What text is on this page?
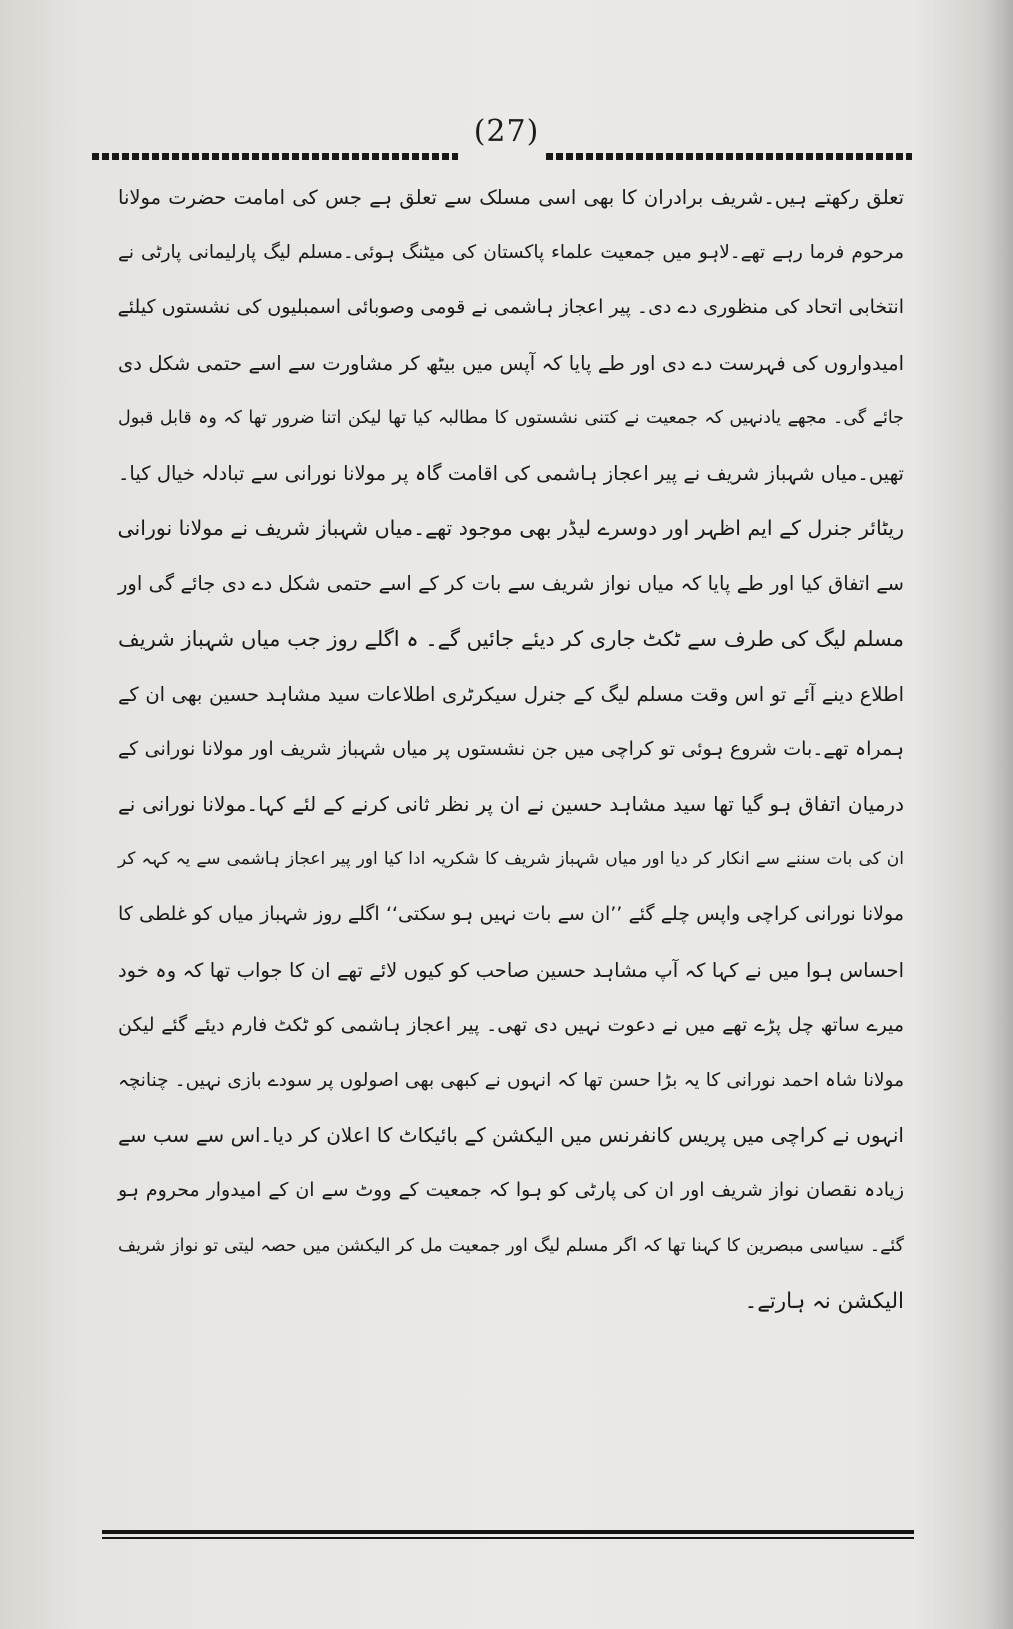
(27)
تعلق رکھتے ہیں۔شریف برادران کا بھی اسی مسلک سے تعلق ہے جس کی امامت حضرت مولانا
مرحوم فرما رہے تھے۔لاہو میں جمعیت علماء پاکستان کی میٹنگ ہوئی۔مسلم لیگ پارلیمانی پارٹی نے
انتخابی اتحاد کی منظوری دے دی۔ پیر اعجاز ہاشمی نے قومی وصوبائی اسمبلیوں کی نشستوں کیلئے
امیدواروں کی فہرست دے دی اور طے پایا کہ آپس میں بیٹھ کر مشاورت سے اسے حتمی شکل دی
جائے گی۔ مجھے یادنہیں کہ جمعیت نے کتنی نشستوں کا مطالبہ کیا تھا لیکن اتنا ضرور تھا کہ وہ قابل قبول
تھیں۔میاں شہباز شریف نے پیر اعجاز ہاشمی کی اقامت گاہ پر مولانا نورانی سے تبادلہ خیال کیا۔
ریٹائر جنرل کے ایم اظہر اور دوسرے لیڈر بھی موجود تھے۔میاں شہباز شریف نے مولانا نورانی
سے اتفاق کیا اور طے پایا کہ میاں نواز شریف سے بات کر کے اسے حتمی شکل دے دی جائے گی اور
مسلم لیگ کی طرف سے ٹکٹ جاری کر دیئے جائیں گے۔ ہ اگلے روز جب میاں شہباز شریف
اطلاع دینے آئے تو اس وقت مسلم لیگ کے جنرل سیکرٹری اطلاعات سید مشاہد حسین بھی ان کے
ہمراہ تھے۔بات شروع ہوئی تو کراچی میں جن نشستوں پر میاں شہباز شریف اور مولانا نورانی کے
درمیان اتفاق ہو گیا تھا سید مشاہد حسین نے ان پر نظر ثانی کرنے کے لئے کہا۔مولانا نورانی نے
ان کی بات سننے سے انکار کر دیا اور میاں شہباز شریف کا شکریہ ادا کیا اور پیر اعجاز ہاشمی سے یہ کہہ کر
مولانا نورانی کراچی واپس چلے گئے ’’ان سے بات نہیں ہو سکتی‘‘ اگلے روز شہباز میاں کو غلطی کا
احساس ہوا میں نے کہا کہ آپ مشاہد حسین صاحب کو کیوں لائے تھے ان کا جواب تھا کہ وہ خود
میرے ساتھ چل پڑے تھے میں نے دعوت نہیں دی تھی۔ پیر اعجاز ہاشمی کو ٹکٹ فارم دیئے گئے لیکن
مولانا شاہ احمد نورانی کا یہ بڑا حسن تھا کہ انہوں نے کبھی بھی اصولوں پر سودے بازی نہیں۔ چنانچہ
انہوں نے کراچی میں پریس کانفرنس میں الیکشن کے بائیکاٹ کا اعلان کر دیا۔اس سے سب سے
زیادہ نقصان نواز شریف اور ان کی پارٹی کو ہوا کہ جمعیت کے ووٹ سے ان کے امیدوار محروم ہو
گئے۔ سیاسی مبصرین کا کہنا تھا کہ اگر مسلم لیگ اور جمعیت مل کر الیکشن میں حصہ لیتی تو نواز شریف
الیکشن نہ ہارتے۔
